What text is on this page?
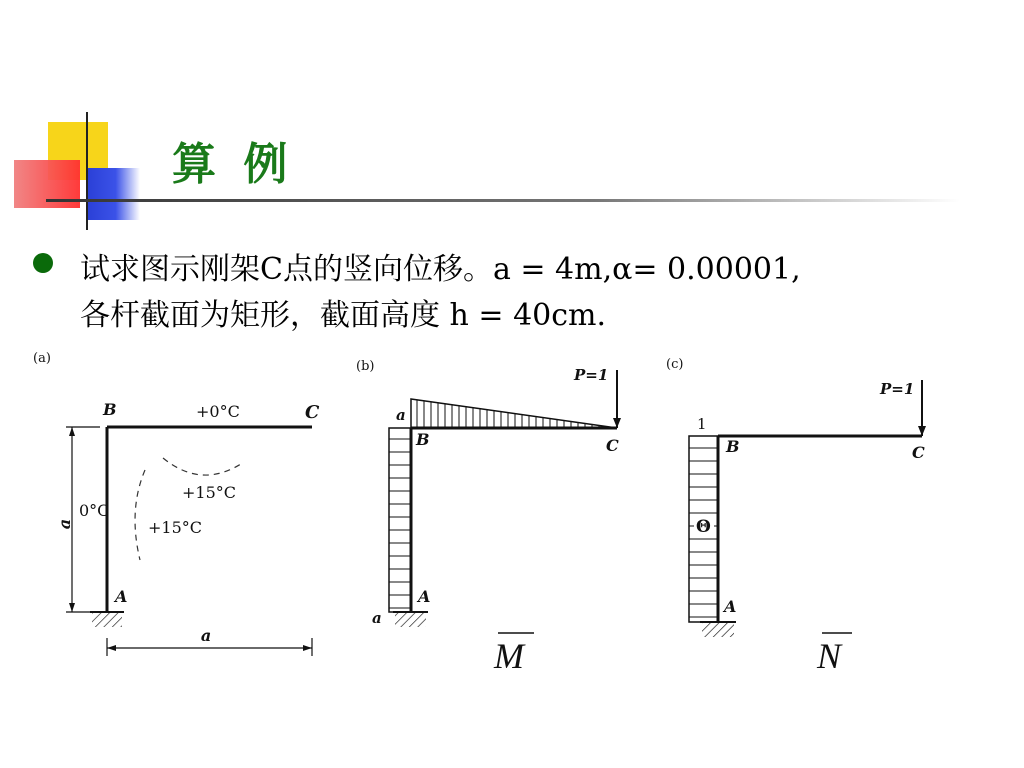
算 例
试求图示刚架C点的竖向位移。a = 4m,α= 0.00001,
各杆截面为矩形，截面高度 h = 40cm.
(a)
B	C
A
+0°C
0°C
+15°C
+15°C
a
a
(b)	P=1
a
a
B	C
A
M
(c)
P=1
Θ
1
B	C
A
N
